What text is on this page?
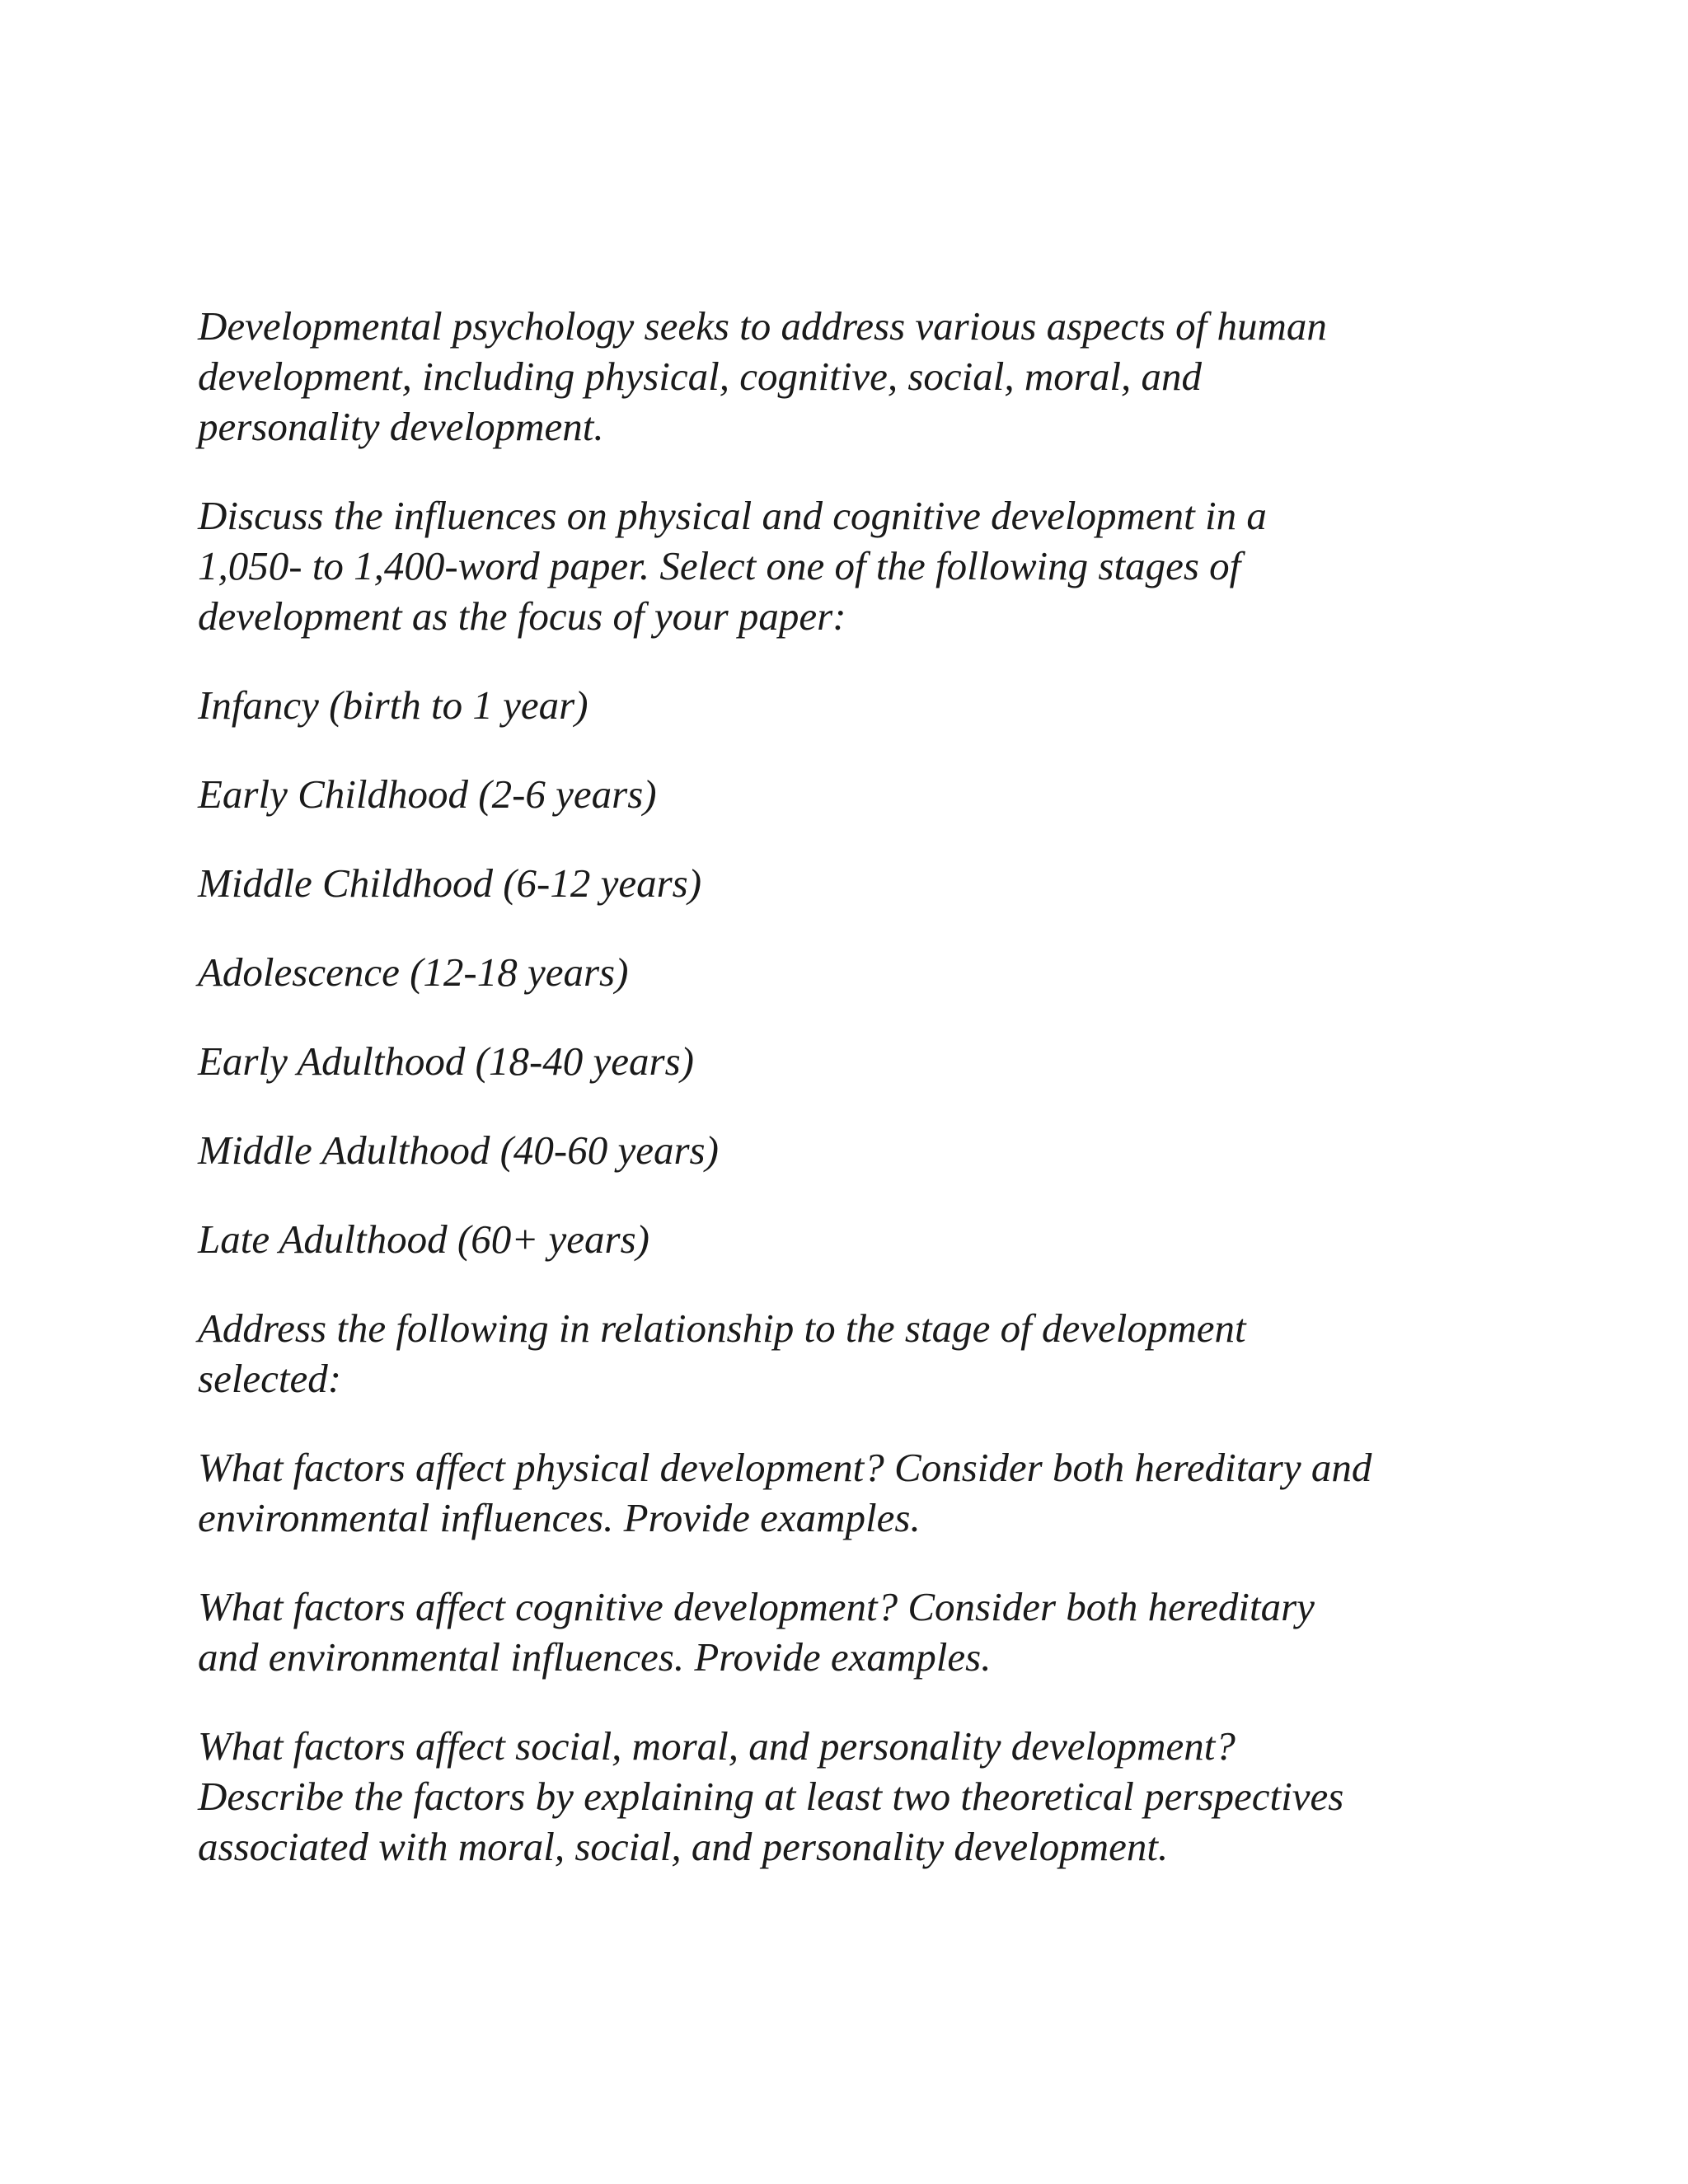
Developmental psychology seeks to address various aspects of human
development, including physical, cognitive, social, moral, and
personality development.

Discuss the influences on physical and cognitive development in a
1,050- to 1,400-word paper. Select one of the following stages of
development as the focus of your paper:

Infancy (birth to 1 year)
Early Childhood (2-6 years)
Middle Childhood (6-12 years)
Adolescence (12-18 years)
Early Adulthood (18-40 years)
Middle Adulthood (40-60 years)
Late Adulthood (60+ years)

Address the following in relationship to the stage of development
selected:

What factors affect physical development? Consider both hereditary and
environmental influences. Provide examples.

What factors affect cognitive development? Consider both hereditary
and environmental influences. Provide examples.

What factors affect social, moral, and personality development?
Describe the factors by explaining at least two theoretical perspectives
associated with moral, social, and personality development.
